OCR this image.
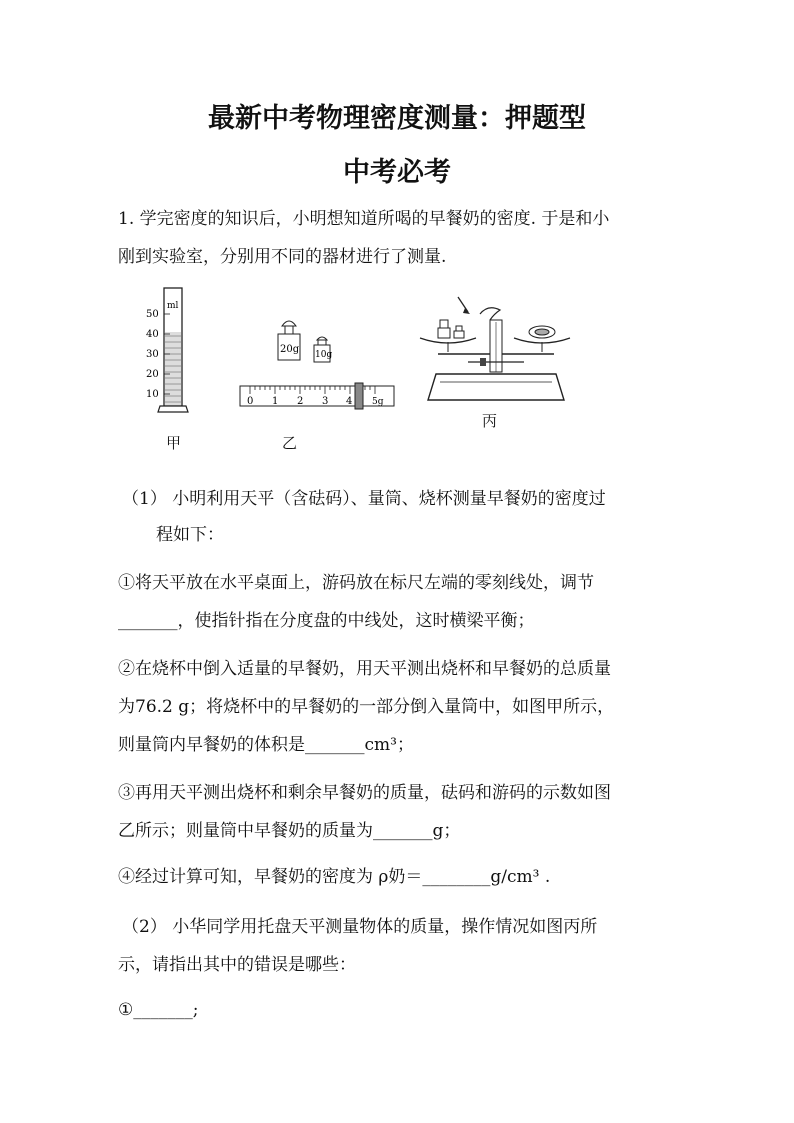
最新中考物理密度测量：押题型
中考必考
1. 学完密度的知识后，小明想知道所喝的早餐奶的密度. 于是和小
刚到实验室，分别用不同的器材进行了测量.
ml
50
40
30
20
10
甲
20g 10g
0 1 2 3 4 5g
乙
丙
（1） 小明利用天平（含砝码）、量筒、烧杯测量早餐奶的密度过
程如下：
①将天平放在水平桌面上，游码放在标尺左端的零刻线处，调节
_______，使指针指在分度盘的中线处，这时横梁平衡；
②在烧杯中倒入适量的早餐奶，用天平测出烧杯和早餐奶的总质量
为76.2 g；将烧杯中的早餐奶的一部分倒入量筒中，如图甲所示，
则量筒内早餐奶的体积是_______cm³；
③再用天平测出烧杯和剩余早餐奶的质量，砝码和游码的示数如图
乙所示；则量筒中早餐奶的质量为_______g；
④经过计算可知，早餐奶的密度为 ρ奶＝________g/cm³ .
（2） 小华同学用托盘天平测量物体的质量，操作情况如图丙所
示，请指出其中的错误是哪些：
①_______;
